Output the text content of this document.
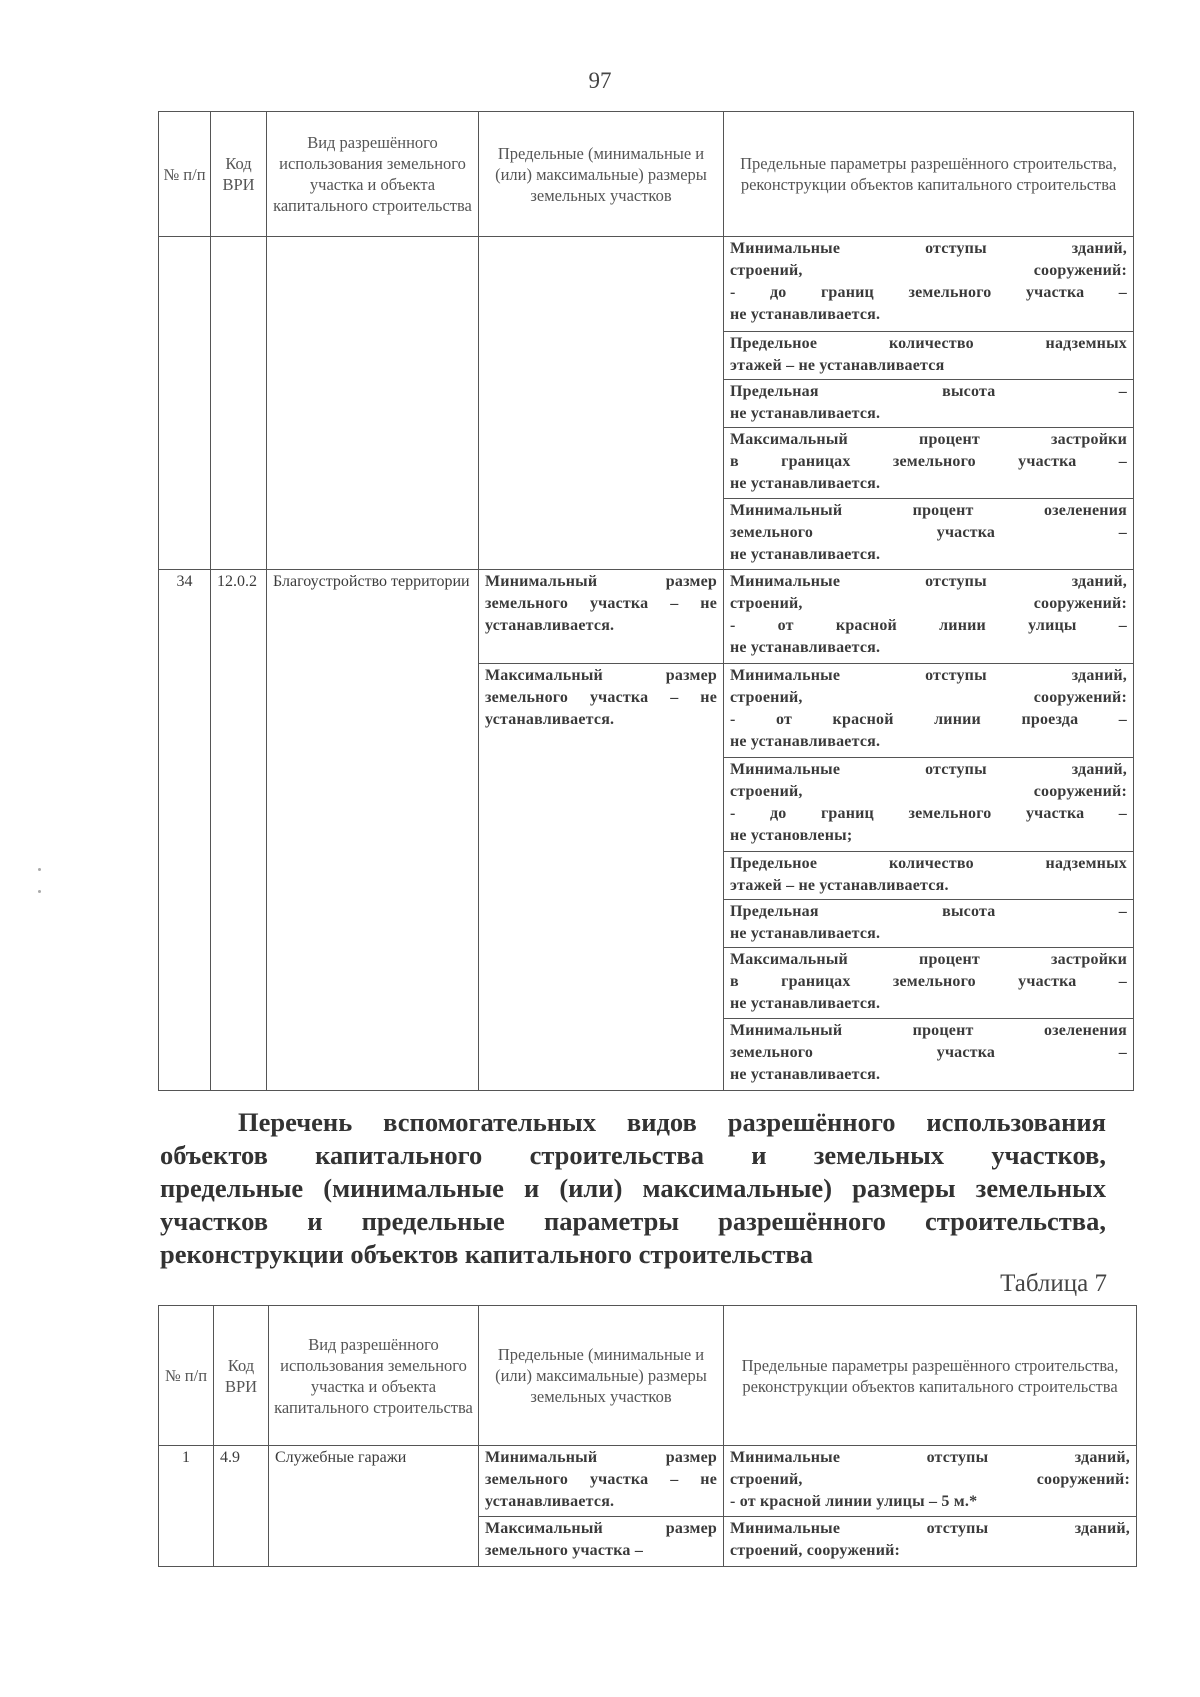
97
№ п/п	Код ВРИ	Вид разрешённого использования земельного участка и объекта капитального строительства	Предельные (минимальные и (или) максимальные) размеры земельных участков	Предельные параметры разрешённого строительства, реконструкции объектов капитального строительства

				Минимальные отступы зданий,
строений, сооружений:
- до границ земельного участка –
не устанавливается.

				Предельное количество надземных
этажей – не устанавливается

				Предельная высота –
не устанавливается.

				Максимальный процент застройки
в границах земельного участка –
не устанавливается.

				Минимальный процент озеленения
земельного участка –
не устанавливается.

34	12.0.2	Благоустройство территории	Минимальный размер земельного участка – не устанавливается.	Минимальные отступы зданий,
строений, сооружений:
- от красной линии улицы –
не устанавливается.

			Максимальный размер земельного участка – не устанавливается.	Минимальные отступы зданий,
строений, сооружений:
- от красной линии проезда –
не устанавливается.

				Минимальные отступы зданий,
строений, сооружений:
- до границ земельного участка –
не установлены;

				Предельное количество надземных
этажей – не устанавливается.

				Предельная высота –
не устанавливается.

				Максимальный процент застройки
в границах земельного участка –
не устанавливается.

				Минимальный процент озеленения
земельного участка –
не устанавливается.
Перечень вспомогательных видов разрешённого использования
объектов капитального строительства и земельных участков,
предельные (минимальные и (или) максимальные) размеры земельных
участков и предельные параметры разрешённого строительства,
реконструкции объектов капитального строительства
Таблица 7
№ п/п	Код ВРИ	Вид разрешённого использования земельного участка и объекта капитального строительства	Предельные (минимальные и (или) максимальные) размеры земельных участков	Предельные параметры разрешённого строительства, реконструкции объектов капитального строительства
1	4.9	Служебные гаражи	Минимальный размер земельного участка – не устанавливается.	Минимальные отступы зданий,
строений, сооружений:
- от красной линии улицы – 5 м.*

			Максимальный размер земельного участка –	Минимальные отступы зданий,
строений, сооружений:
